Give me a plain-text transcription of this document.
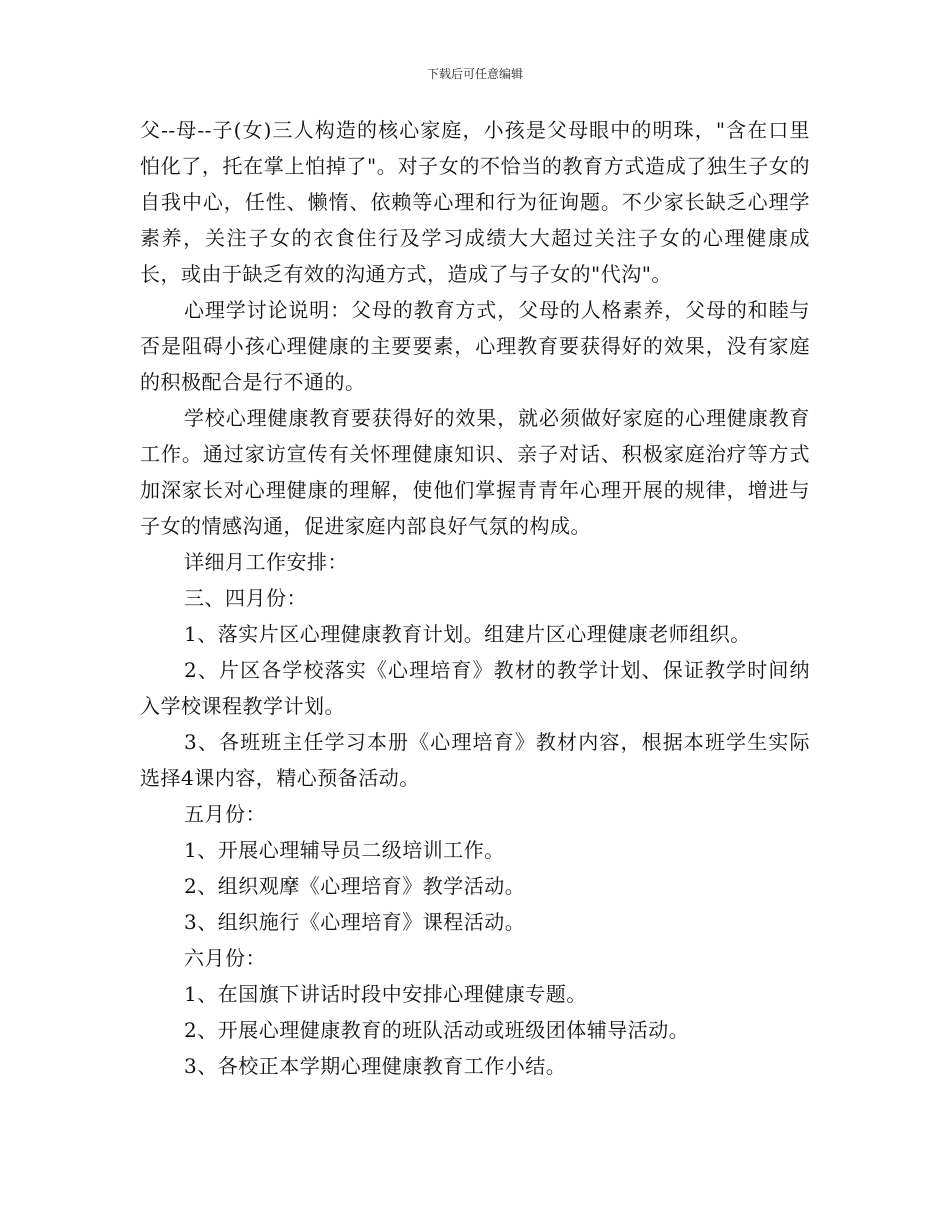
下载后可任意编辑

父--母--子(女)三人构造的核心家庭，小孩是父母眼中的明珠，"含在口里怕化了，托在掌上怕掉了"。对子女的不恰当的教育方式造成了独生子女的自我中心，任性、懒惰、依赖等心理和行为征询题。不少家长缺乏心理学素养，关注子女的衣食住行及学习成绩大大超过关注子女的心理健康成长，或由于缺乏有效的沟通方式，造成了与子女的"代沟"。

心理学讨论说明：父母的教育方式，父母的人格素养，父母的和睦与否是阻碍小孩心理健康的主要要素，心理教育要获得好的效果，没有家庭的积极配合是行不通的。

学校心理健康教育要获得好的效果，就必须做好家庭的心理健康教育工作。通过家访宣传有关怀理健康知识、亲子对话、积极家庭治疗等方式加深家长对心理健康的理解，使他们掌握青青年心理开展的规律，增进与子女的情感沟通，促进家庭内部良好气氛的构成。

详细月工作安排：

三、四月份：

1、落实片区心理健康教育计划。组建片区心理健康老师组织。

2、片区各学校落实《心理培育》教材的教学计划、保证教学时间纳入学校课程教学计划。

3、各班班主任学习本册《心理培育》教材内容，根据本班学生实际选择4课内容，精心预备活动。

五月份：

1、开展心理辅导员二级培训工作。

2、组织观摩《心理培育》教学活动。

3、组织施行《心理培育》课程活动。

六月份：

1、在国旗下讲话时段中安排心理健康专题。

2、开展心理健康教育的班队活动或班级团体辅导活动。

3、各校正本学期心理健康教育工作小结。
